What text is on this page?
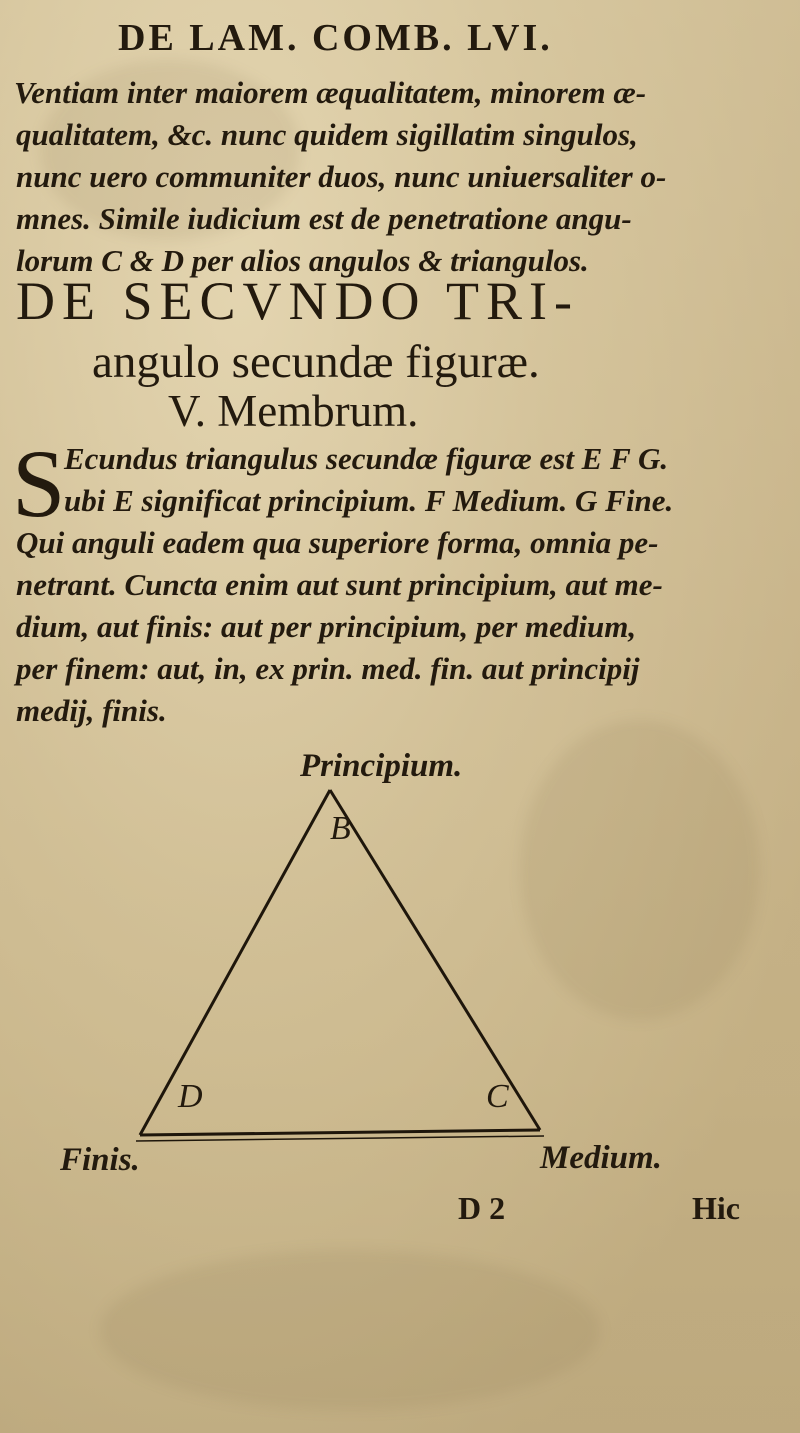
DE LAM. COMB. LVI.
Ventiam inter maiorem æqualitatem, minorem æ-
qualitatem, &c. nunc quidem sigillatim singulos,
nunc uero communiter duos, nunc uniuersaliter o-
mnes. Simile iudicium est de penetratione angu-
lorum C & D per alios angulos & triangulos.
DE SECVNDO TRI-
angulo secundæ figuræ.
V. Membrum.
S
Ecundus triangulus secundæ figuræ est E F G.
ubi E significat principium. F Medium. G Fine.
Qui anguli eadem qua superiore forma, omnia pe-
netrant. Cuncta enim aut sunt principium, aut me-
dium, aut finis: aut per principium, per medium,
per finem: aut, in, ex prin. med. fin. aut principij
medij, finis.
Principium.
B
D	C
Finis.	Medium.
D 2	Hic
